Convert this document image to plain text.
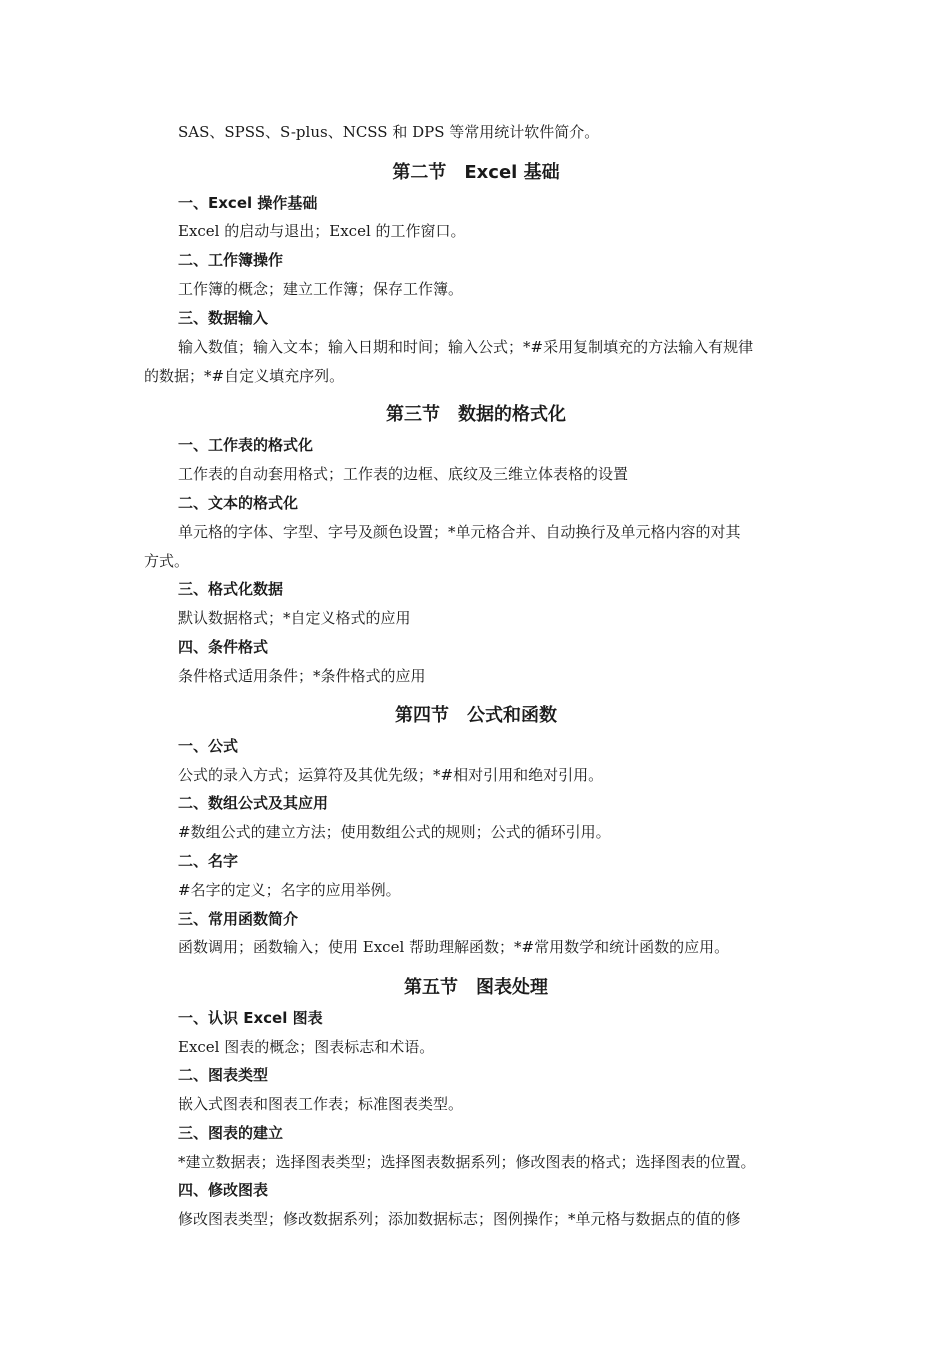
SAS、SPSS、S-plus、NCSS 和 DPS 等常用统计软件简介。
第二节　Excel 基础
一、Excel 操作基础
Excel 的启动与退出；Excel 的工作窗口。
二、工作簿操作
工作簿的概念；建立工作簿；保存工作簿。
三、数据输入
输入数值；输入文本；输入日期和时间；输入公式；*#采用复制填充的方法输入有规律
的数据；*#自定义填充序列。
第三节　数据的格式化
一、工作表的格式化
工作表的自动套用格式；工作表的边框、底纹及三维立体表格的设置
二、文本的格式化
单元格的字体、字型、字号及颜色设置；*单元格合并、自动换行及单元格内容的对其
方式。
三、格式化数据
默认数据格式；*自定义格式的应用
四、条件格式
条件格式适用条件；*条件格式的应用
第四节　公式和函数
一、公式
公式的录入方式；运算符及其优先级；*#相对引用和绝对引用。
二、数组公式及其应用
#数组公式的建立方法；使用数组公式的规则；公式的循环引用。
二、名字
#名字的定义；名字的应用举例。
三、常用函数简介
函数调用；函数输入；使用 Excel 帮助理解函数；*#常用数学和统计函数的应用。
第五节　图表处理
一、认识 Excel 图表
Excel 图表的概念；图表标志和术语。
二、图表类型
嵌入式图表和图表工作表；标准图表类型。
三、图表的建立
*建立数据表；选择图表类型；选择图表数据系列；修改图表的格式；选择图表的位置。
四、修改图表
修改图表类型；修改数据系列；添加数据标志；图例操作；*单元格与数据点的值的修
